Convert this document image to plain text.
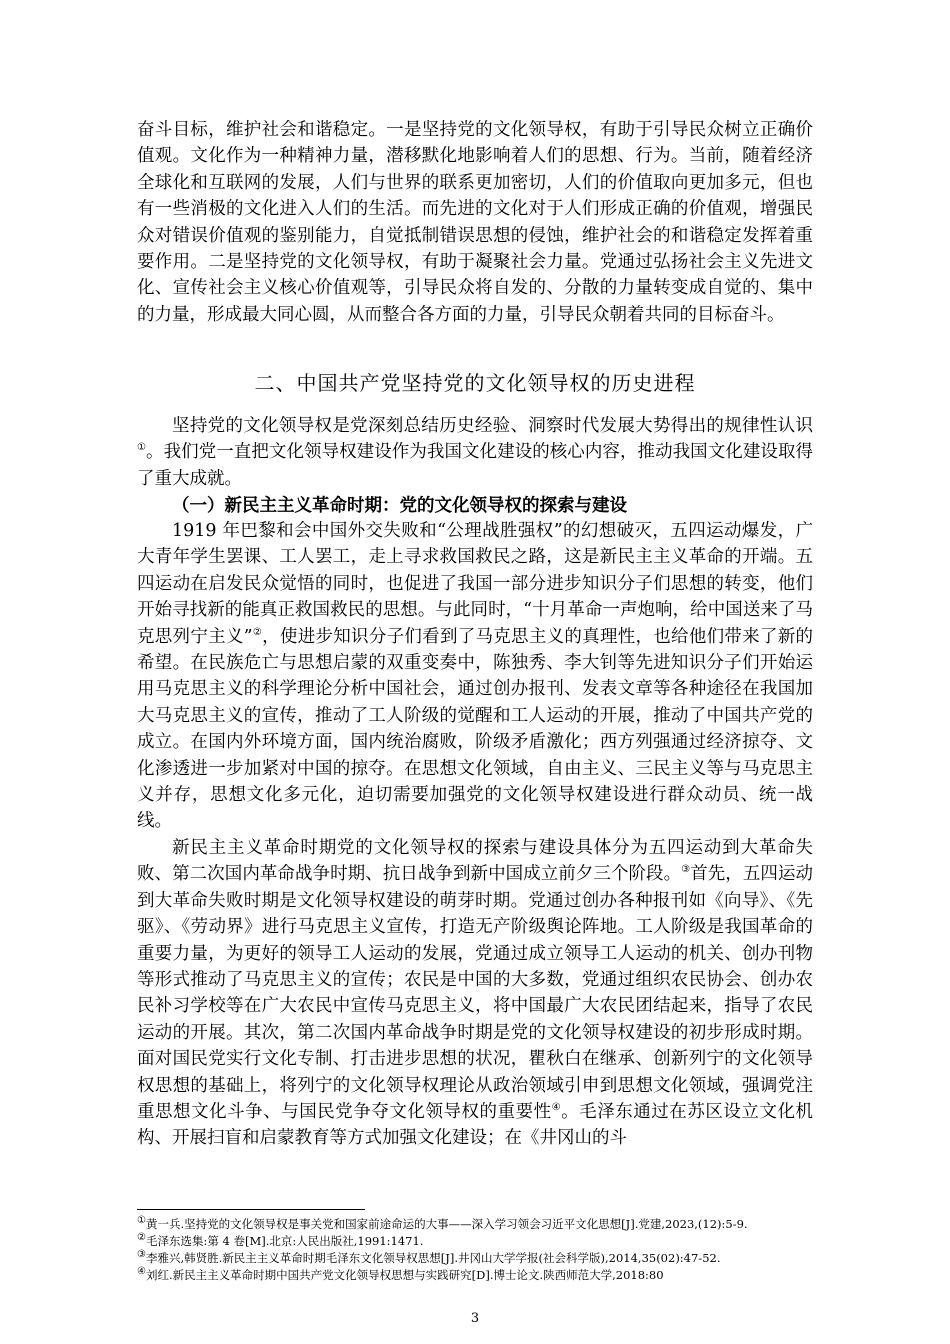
奋斗目标，维护社会和谐稳定。一是坚持党的文化领导权，有助于引导民众树立正确价值观。文化作为一种精神力量，潜移默化地影响着人们的思想、行为。当前，随着经济全球化和互联网的发展，人们与世界的联系更加密切，人们的价值取向更加多元，但也有一些消极的文化进入人们的生活。而先进的文化对于人们形成正确的价值观，增强民众对错误价值观的鉴别能力，自觉抵制错误思想的侵蚀，维护社会的和谐稳定发挥着重要作用。二是坚持党的文化领导权，有助于凝聚社会力量。党通过弘扬社会主义先进文化、宣传社会主义核心价值观等，引导民众将自发的、分散的力量转变成自觉的、集中的力量，形成最大同心圆，从而整合各方面的力量，引导民众朝着共同的目标奋斗。

二、中国共产党坚持党的文化领导权的历史进程

坚持党的文化领导权是党深刻总结历史经验、洞察时代发展大势得出的规律性认识①。我们党一直把文化领导权建设作为我国文化建设的核心内容，推动我国文化建设取得了重大成就。

（一）新民主主义革命时期：党的文化领导权的探索与建设

1919 年巴黎和会中国外交失败和“公理战胜强权”的幻想破灭，五四运动爆发，广大青年学生罢课、工人罢工，走上寻求救国救民之路，这是新民主主义革命的开端。五四运动在启发民众觉悟的同时，也促进了我国一部分进步知识分子们思想的转变，他们开始寻找新的能真正救国救民的思想。与此同时，“十月革命一声炮响，给中国送来了马克思列宁主义”②，使进步知识分子们看到了马克思主义的真理性，也给他们带来了新的希望。在民族危亡与思想启蒙的双重变奏中，陈独秀、李大钊等先进知识分子们开始运用马克思主义的科学理论分析中国社会，通过创办报刊、发表文章等各种途径在我国加大马克思主义的宣传，推动了工人阶级的觉醒和工人运动的开展，推动了中国共产党的成立。在国内外环境方面，国内统治腐败，阶级矛盾激化；西方列强通过经济掠夺、文化渗透进一步加紧对中国的掠夺。在思想文化领域，自由主义、三民主义等与马克思主义并存，思想文化多元化，迫切需要加强党的文化领导权建设进行群众动员、统一战线。

新民主主义革命时期党的文化领导权的探索与建设具体分为五四运动到大革命失败、第二次国内革命战争时期、抗日战争到新中国成立前夕三个阶段。③首先，五四运动到大革命失败时期是文化领导权建设的萌芽时期。党通过创办各种报刊如《向导》、《先驱》、《劳动界》进行马克思主义宣传，打造无产阶级舆论阵地。工人阶级是我国革命的重要力量，为更好的领导工人运动的发展，党通过成立领导工人运动的机关、创办刊物等形式推动了马克思主义的宣传；农民是中国的大多数，党通过组织农民协会、创办农民补习学校等在广大农民中宣传马克思主义，将中国最广大农民团结起来，指导了农民运动的开展。其次，第二次国内革命战争时期是党的文化领导权建设的初步形成时期。面对国民党实行文化专制、打击进步思想的状况，瞿秋白在继承、创新列宁的文化领导权思想的基础上，将列宁的文化领导权理论从政治领域引申到思想文化领域，强调党注重思想文化斗争、与国民党争夺文化领导权的重要性④。毛泽东通过在苏区设立文化机构、开展扫盲和启蒙教育等方式加强文化建设；在《井冈山的斗

①黄一兵.坚持党的文化领导权是事关党和国家前途命运的大事——深入学习领会习近平文化思想[J].党建,2023,(12):5-9.

②毛泽东选集:第 4 卷[M].北京:人民出版社,1991:1471.

③李雅兴,韩贤胜.新民主主义革命时期毛泽东文化领导权思想[J].井冈山大学学报(社会科学版),2014,35(02):47-52.

④刘红.新民主主义革命时期中国共产党文化领导权思想与实践研究[D].博士论文.陕西师范大学,2018:80

3
